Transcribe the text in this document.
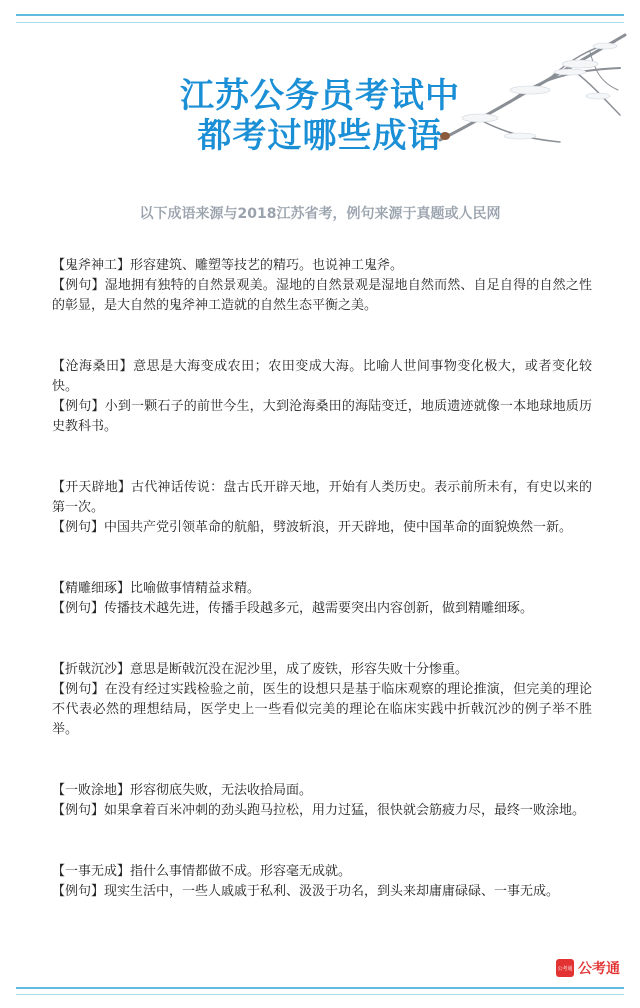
江苏公务员考试中
都考过哪些成语
以下成语来源与2018江苏省考，例句来源于真题或人民网

【鬼斧神工】形容建筑、雕塑等技艺的精巧。也说神工鬼斧。

【例句】湿地拥有独特的自然景观美。湿地的自然景观是湿地自然而然、自足自得的自然之性的彰显，是大自然的鬼斧神工造就的自然生态平衡之美。

【沧海桑田】意思是大海变成农田；农田变成大海。比喻人世间事物变化极大，或者变化较快。

【例句】小到一颗石子的前世今生，大到沧海桑田的海陆变迁，地质遗迹就像一本地球地质历史教科书。

【开天辟地】古代神话传说：盘古氏开辟天地，开始有人类历史。表示前所未有，有史以来的第一次。

【例句】中国共产党引领革命的航船，劈波斩浪，开天辟地，使中国革命的面貌焕然一新。

【精雕细琢】比喻做事情精益求精。

【例句】传播技术越先进，传播手段越多元，越需要突出内容创新，做到精雕细琢。

【折戟沉沙】意思是断戟沉没在泥沙里，成了废铁，形容失败十分惨重。

【例句】在没有经过实践检验之前，医生的设想只是基于临床观察的理论推演，但完美的理论不代表必然的理想结局，医学史上一些看似完美的理论在临床实践中折戟沉沙的例子举不胜举。

【一败涂地】形容彻底失败，无法收拾局面。

【例句】如果拿着百米冲刺的劲头跑马拉松，用力过猛，很快就会筋疲力尽，最终一败涂地。

【一事无成】指什么事情都做不成。形容毫无成就。

【例句】现实生活中，一些人戚戚于私利、汲汲于功名，到头来却庸庸碌碌、一事无成。

公考通 公考通
